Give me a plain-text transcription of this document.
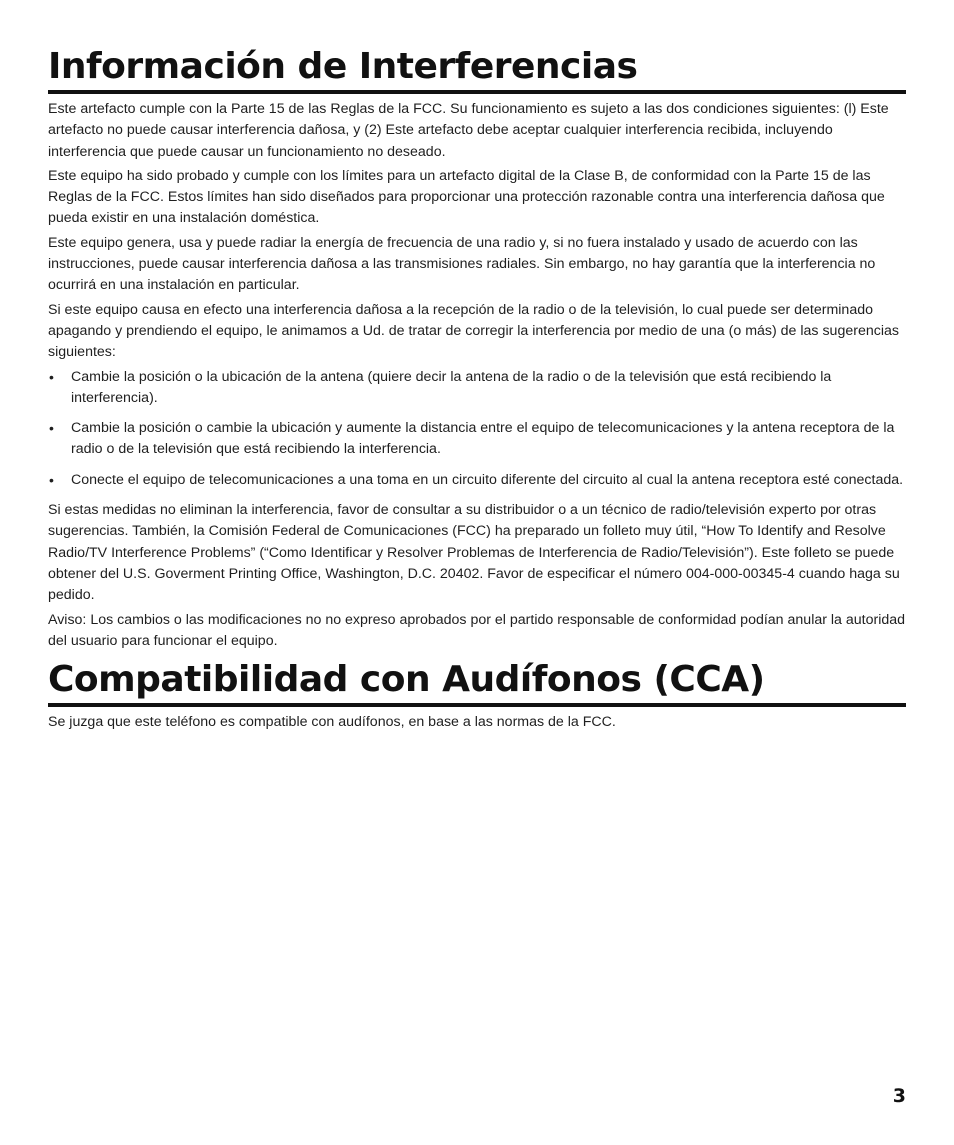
Información de Interferencias

Este artefacto cumple con la Parte 15 de las Reglas de la FCC. Su funcionamiento es sujeto a las dos condiciones siguientes: (l) Este artefacto no puede causar interferencia dañosa, y (2) Este artefacto debe aceptar cualquier interferencia recibida, incluyendo interferencia que puede causar un funcionamiento no deseado.

Este equipo ha sido probado y cumple con los límites para un artefacto digital de la Clase B, de conformidad con la Parte 15 de las Reglas de la FCC. Estos límites han sido diseñados para proporcionar una protección razonable contra una interferencia dañosa que pueda existir en una instalación doméstica.

Este equipo genera, usa y puede radiar la energía de frecuencia de una radio y, si no fuera instalado y usado de acuerdo con las instrucciones, puede causar interferencia dañosa a las transmisiones radiales. Sin embargo, no hay garantía que la interferencia no ocurrirá en una instalación en particular.

Si este equipo causa en efecto una interferencia dañosa a la recepción de la radio o de la televisión, lo cual puede ser determinado apagando y prendiendo el equipo, le animamos a Ud. de tratar de corregir la interferencia por medio de una (o más) de las sugerencias siguientes:

• Cambie la posición o la ubicación de la antena (quiere decir la antena de la radio o de la televisión que está recibiendo la interferencia).
• Cambie la posición o cambie la ubicación y aumente la distancia entre el equipo de telecomunicaciones y la antena receptora de la radio o de la televisión que está recibiendo la interferencia.
• Conecte el equipo de telecomunicaciones a una toma en un circuito diferente del circuito al cual la antena receptora esté conectada.

Si estas medidas no eliminan la interferencia, favor de consultar a su distribuidor o a un técnico de radio/televisión experto por otras sugerencias. También, la Comisión Federal de Comunicaciones (FCC) ha preparado un folleto muy útil, “How To Identify and Resolve Radio/TV Interference Problems” (“Como Identificar y Resolver Problemas de Interferencia de Radio/Televisión”). Este folleto se puede obtener del U.S. Goverment Printing Office, Washington, D.C. 20402. Favor de especificar el número 004-000-00345-4 cuando haga su pedido.

Aviso: Los cambios o las modificaciones no no expreso aprobados por el partido responsable de conformidad podían anular la autoridad del usuario para funcionar el equipo.

Compatibilidad con Audífonos (CCA)

Se juzga que este teléfono es compatible con audífonos, en base a las normas de la FCC.

3
